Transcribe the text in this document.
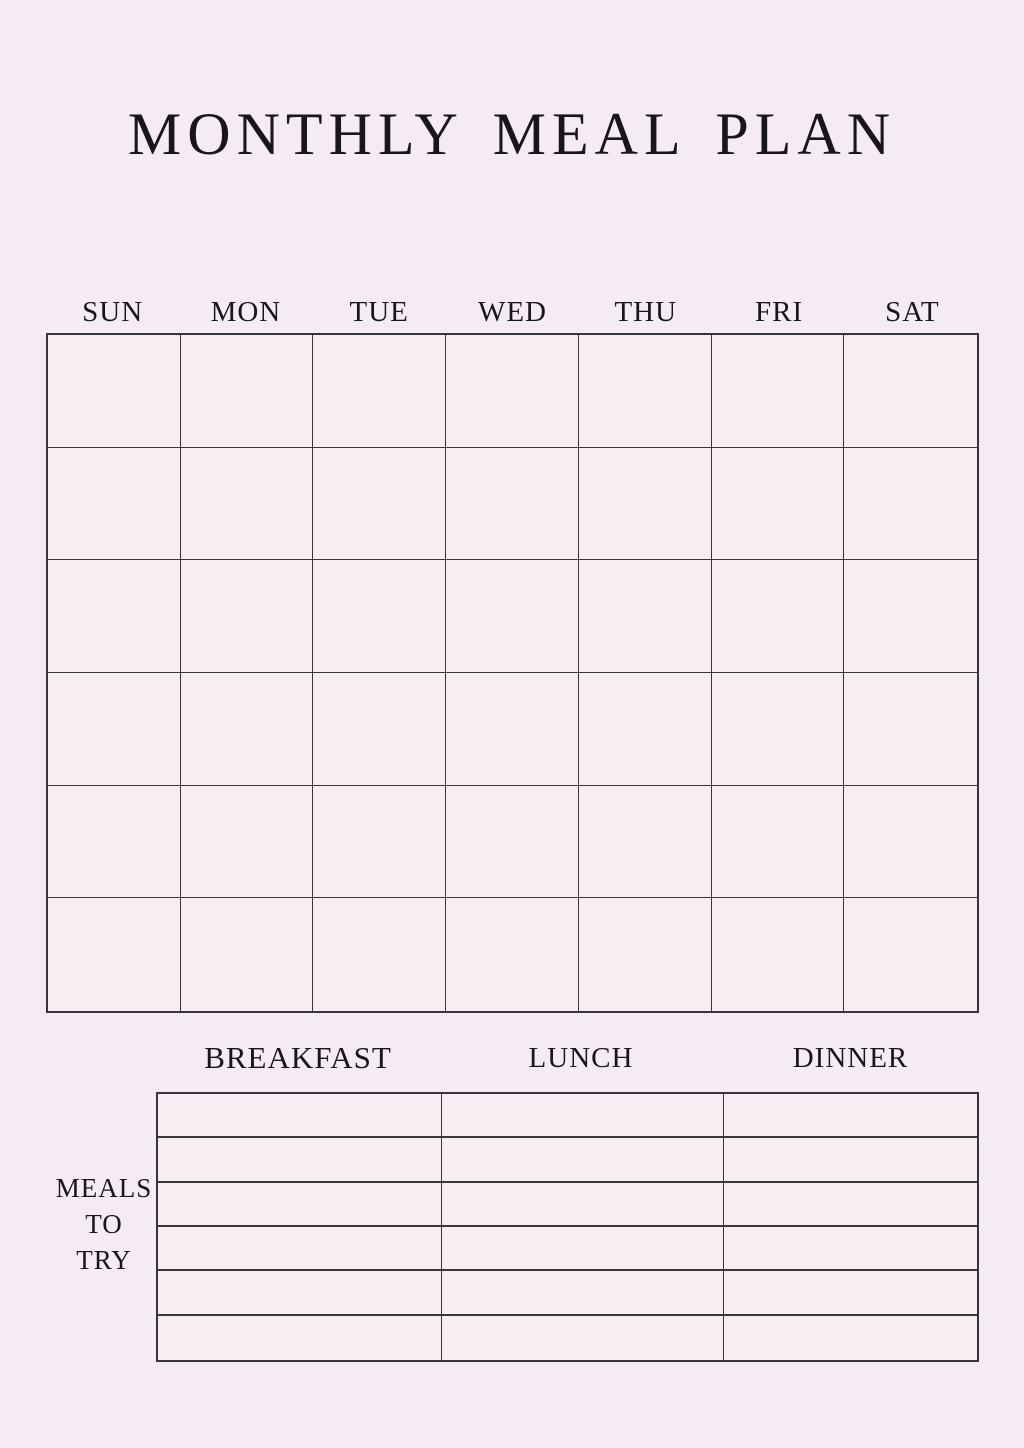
MONTHLY MEAL PLAN
SUN	MON	TUE	WED	THU	FRI	SAT
BREAKFAST	LUNCH	DINNER
MEALS
TO
TRY
